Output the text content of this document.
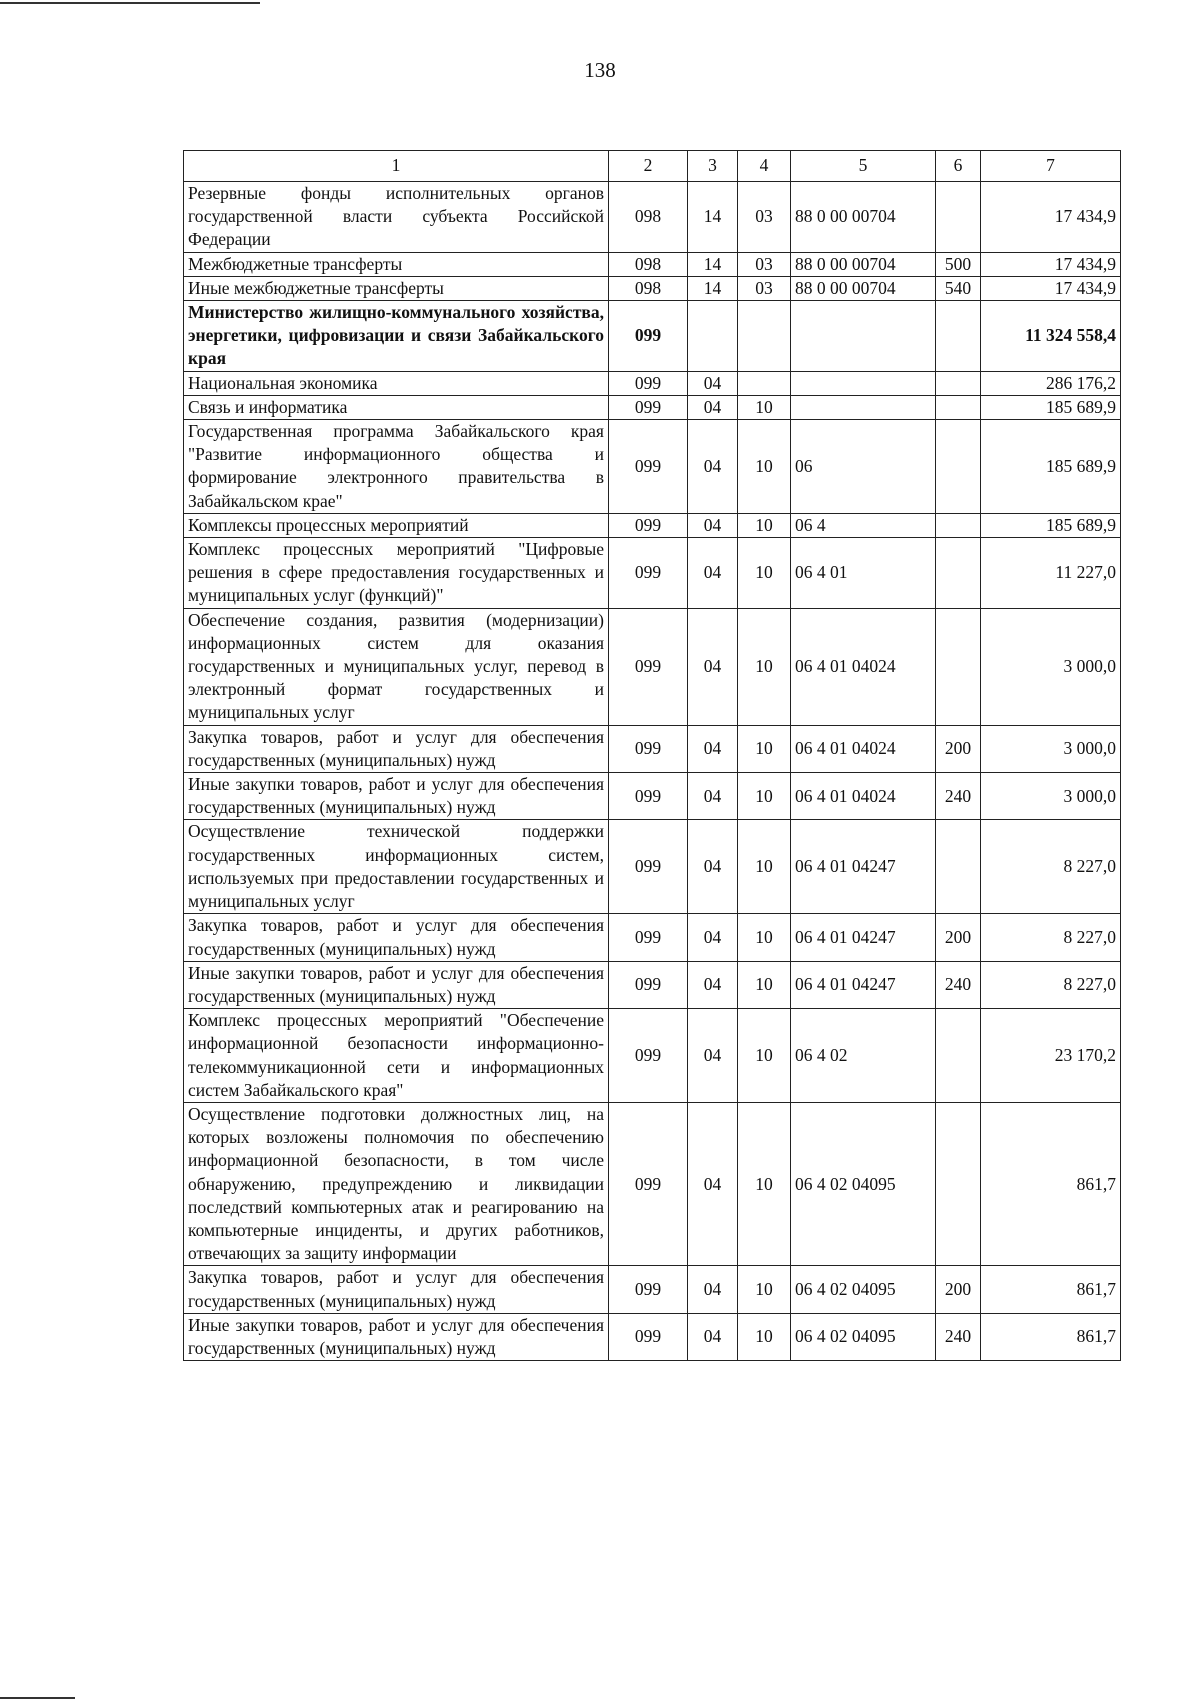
138
1	2	3	4	5	6	7
Резервные фонды исполнительных органов государственной власти субъекта Российской Федерации	098	14	03	88 0 00 00704		17 434,9
Межбюджетные трансферты	098	14	03	88 0 00 00704	500	17 434,9
Иные межбюджетные трансферты	098	14	03	88 0 00 00704	540	17 434,9
Министерство жилищно-коммунального хозяйства, энергетики, цифровизации и связи Забайкальского края	099					11 324 558,4
Национальная экономика	099	04				286 176,2
Связь и информатика	099	04	10			185 689,9
Государственная программа Забайкальского края "Развитие информационного общества и формирование электронного правительства в Забайкальском крае"	099	04	10	06		185 689,9
Комплексы процессных мероприятий	099	04	10	06 4		185 689,9
Комплекс процессных мероприятий "Цифровые решения в сфере предоставления государственных и муниципальных услуг (функций)"	099	04	10	06 4 01		11 227,0
Обеспечение создания, развития (модернизации) информационных систем для оказания государственных и муниципальных услуг, перевод в электронный формат государственных и муниципальных услуг	099	04	10	06 4 01 04024		3 000,0
Закупка товаров, работ и услуг для обеспечения государственных (муниципальных) нужд	099	04	10	06 4 01 04024	200	3 000,0
Иные закупки товаров, работ и услуг для обеспечения государственных (муниципальных) нужд	099	04	10	06 4 01 04024	240	3 000,0
Осуществление технической поддержки государственных информационных систем, используемых при предоставлении государственных и муниципальных услуг	099	04	10	06 4 01 04247		8 227,0
Закупка товаров, работ и услуг для обеспечения государственных (муниципальных) нужд	099	04	10	06 4 01 04247	200	8 227,0
Иные закупки товаров, работ и услуг для обеспечения государственных (муниципальных) нужд	099	04	10	06 4 01 04247	240	8 227,0
Комплекс процессных мероприятий "Обеспечение информационной безопасности информационно-телекоммуникационной сети и информационных систем Забайкальского края"	099	04	10	06 4 02		23 170,2
Осуществление подготовки должностных лиц, на которых возложены полномочия по обеспечению информационной безопасности, в том числе обнаружению, предупреждению и ликвидации последствий компьютерных атак и реагированию на компьютерные инциденты, и других работников, отвечающих за защиту информации	099	04	10	06 4 02 04095		861,7
Закупка товаров, работ и услуг для обеспечения государственных (муниципальных) нужд	099	04	10	06 4 02 04095	200	861,7
Иные закупки товаров, работ и услуг для обеспечения государственных (муниципальных) нужд	099	04	10	06 4 02 04095	240	861,7
